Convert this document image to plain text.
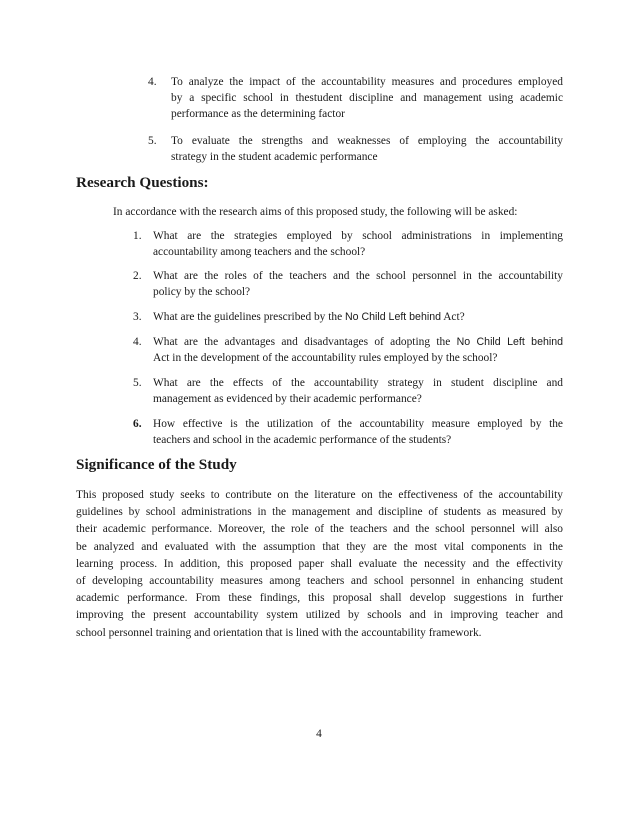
4. To analyze the impact of the accountability measures and procedures employed
by a specific school in thestudent discipline and management using academic
performance as the determining factor
5. To evaluate the strengths and weaknesses of employing the accountability
strategy in the student academic performance
Research Questions:
In accordance with the research aims of this proposed study, the following will be asked:
1. What are the strategies employed by school administrations in implementing
accountability among teachers and the school?
2. What are the roles of the teachers and the school personnel in the accountability
policy by the school?
3. What are the guidelines prescribed by the No Child Left behind Act?
4. What are the advantages and disadvantages of adopting the No Child Left behind
Act in the development of the accountability rules employed by the school?
5. What are the effects of the accountability strategy in student discipline and
management as evidenced by their academic performance?
6. How effective is the utilization of the accountability measure employed by the
teachers and school in the academic performance of the students?
Significance of the Study
This proposed study seeks to contribute on the literature on the effectiveness of the accountability
guidelines by school administrations in the management and discipline of students as measured by
their academic performance. Moreover, the role of the teachers and the school personnel will also
be analyzed and evaluated with the assumption that they are the most vital components in the
learning process. In addition, this proposed paper shall evaluate the necessity and the effectivity
of developing accountability measures among teachers and school personnel in enhancing student
academic performance. From these findings, this proposal shall develop suggestions in further
improving the present accountability system utilized by schools and in improving teacher and
school personnel training and orientation that is lined with the accountability framework.
4
